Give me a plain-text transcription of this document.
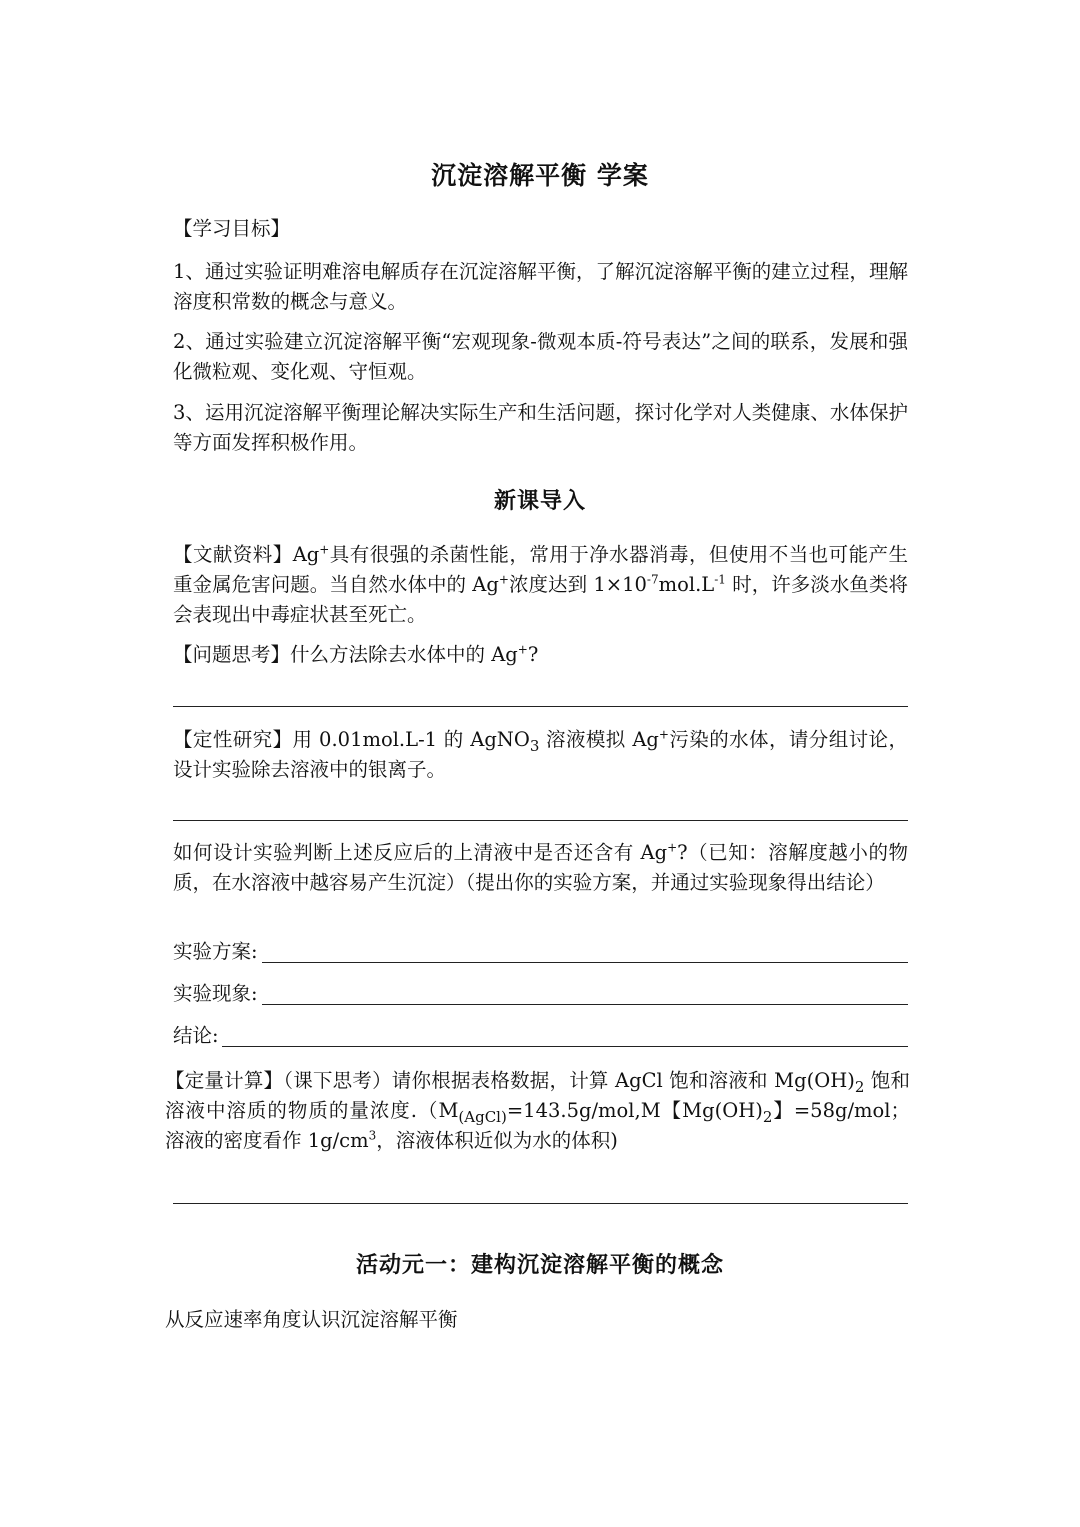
沉淀溶解平衡 学案
【学习目标】
1、通过实验证明难溶电解质存在沉淀溶解平衡，了解沉淀溶解平衡的建立过程，理解溶度积常数的概念与意义。
2、通过实验建立沉淀溶解平衡“宏观现象-微观本质-符号表达”之间的联系，发展和强化微粒观、变化观、守恒观。
3、运用沉淀溶解平衡理论解决实际生产和生活问题，探讨化学对人类健康、水体保护等方面发挥积极作用。
新课导入
【文献资料】Ag+具有很强的杀菌性能，常用于净水器消毒，但使用不当也可能产生重金属危害问题。当自然水体中的 Ag+浓度达到 $1\times 10^{-7}mol.L^{-1}$ 时，许多淡水鱼类将会表现出中毒症状甚至死亡。
【问题思考】什么方法除去水体中的 Ag+?
【定性研究】用 0.01mol.L-1 的 AgNO$_3$ 溶液模拟 Ag+污染的水体，请分组讨论，设计实验除去溶液中的银离子。
如何设计实验判断上述反应后的上清液中是否还含有 Ag+?（已知：溶解度越小的物质，在水溶液中越容易产生沉淀）（提出你的实验方案，并通过实验现象得出结论）
实验方案:
实验现象:
结论:
【定量计算】（课下思考）请你根据表格数据，计算 AgCl 饱和溶液和 $Mg(OH)_2$ 饱和溶液中溶质的物质的量浓度$.(M_{(AgCl)}=143.5g/mol,M$【$Mg(OH)_2$】=58g/mol；溶液的密度看作 $1g/cm^3$，溶液体积近似为水的体积)
活动元一：建构沉淀溶解平衡的概念
从反应速率角度认识沉淀溶解平衡
